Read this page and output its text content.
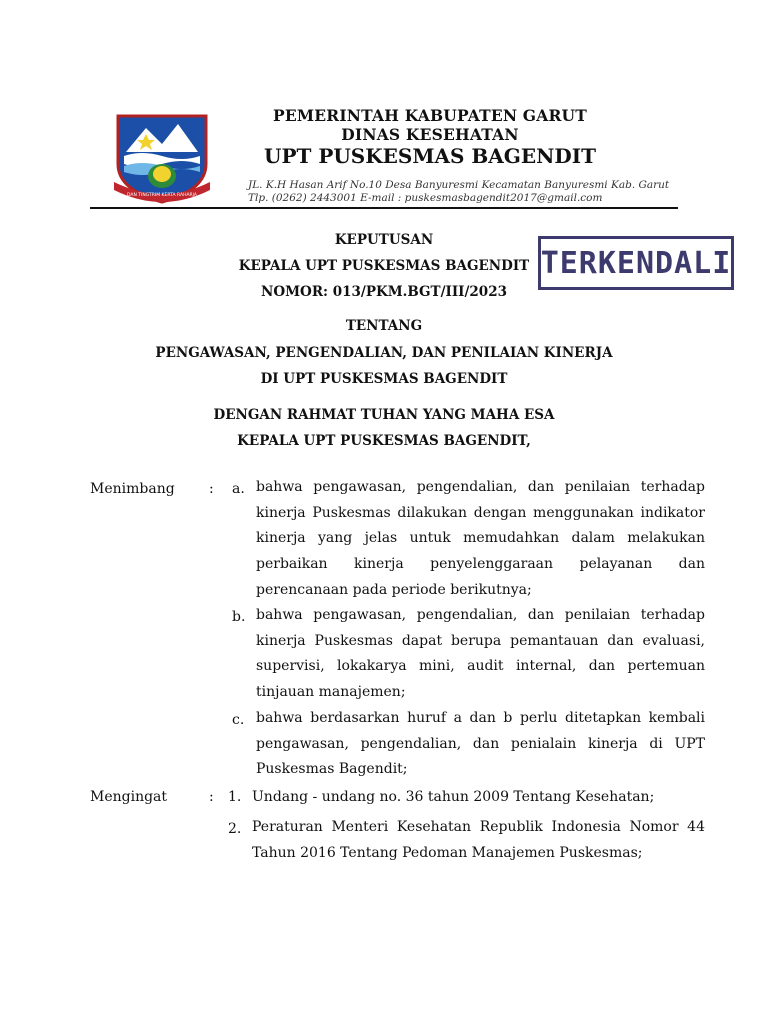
DAN TINGTRIM KERTA RAHARJA
PEMERINTAH KABUPATEN GARUT
DINAS KESEHATAN
UPT PUSKESMAS BAGENDIT
JL. K.H Hasan Arif No.10 Desa Banyuresmi Kecamatan Banyuresmi Kab. Garut
Tlp. (0262) 2443001 E-mail : puskesmasbagendit2017@gmail.com
TERKENDALI
KEPUTUSAN
KEPALA UPT PUSKESMAS BAGENDIT
NOMOR: 013/PKM.BGT/III/2023
TENTANG
PENGAWASAN, PENGENDALIAN, DAN PENILAIAN KINERJA
DI UPT PUSKESMAS BAGENDIT
DENGAN RAHMAT TUHAN YANG MAHA ESA
KEPALA UPT PUSKESMAS BAGENDIT,
Menimbang : a. bahwa pengawasan, pengendalian, dan penilaian terhadap kinerja Puskesmas dilakukan dengan menggunakan indikator kinerja yang jelas untuk memudahkan dalam melakukan perbaikan kinerja penyelenggaraan pelayanan dan perencanaan pada periode berikutnya;
b. bahwa pengawasan, pengendalian, dan penilaian terhadap kinerja Puskesmas dapat berupa pemantauan dan evaluasi, supervisi, lokakarya mini, audit internal, dan pertemuan tinjauan manajemen;
c. bahwa berdasarkan huruf a dan b perlu ditetapkan kembali pengawasan, pengendalian, dan penialain kinerja di UPT Puskesmas Bagendit;
Mengingat	: 1. Undang - undang no. 36 tahun 2009 Tentang Kesehatan;
2. Peraturan Menteri Kesehatan Republik Indonesia Nomor 44 Tahun 2016 Tentang Pedoman Manajemen Puskesmas;
